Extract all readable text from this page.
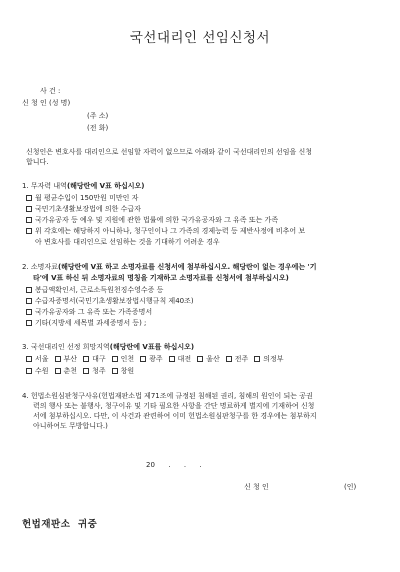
국선대리인 선임신청서
사 건 :
신 청 인 (성 명)
(주 소)
(전 화)
신청인은 변호사를 대리인으로 선임할 자력이 없으므로 아래와 같이 국선대리인의 선임을 신청
합니다.
1. 무자력 내역(해당란에 V표 하십시오)
월 평균수입이 150만원 미만인 자
국민기초생활보장법에 의한 수급자
국가유공자 등 예우 및 지원에 관한 법률에 의한 국가유공자와 그 유족 또는 가족
위 각호에는 해당하지 아니하나, 청구인이나 그 가족의 경제능력 등 제반사정에 비추어 보
아 변호사를 대리인으로 선임하는 것을 기대하기 어려운 경우
2. 소명자료(해당란에 V표 하고 소명자료를 신청서에 첨부하십시오. 해당란이 없는 경우에는 '기
타'에 V표 하신 뒤 소명자료의 명칭을 기재하고 소명자료를 신청서에 첨부하십시오)
봉급액확인서, 근로소득원천징수영수증 등
수급자증명서(국민기초생활보장법시행규칙 제40조)
국가유공자와 그 유족 또는 가족증명서
기타(지방세 세목별 과세증명서 등) ;
3. 국선대리인 선정 희망지역(해당란에 V표를 하십시오)
서울 부산 대구 인천 광주 대전 울산 전주 의정부
수원 춘천 청주 창원
4. 헌법소원심판청구사유(헌법재판소법 제71조에 규정된 침해된 권리, 침해의 원인이 되는 공권
력의 행사 또는 불행사, 청구이유 및 기타 필요한 사항을 간단 명료하게 별지에 기재하여 신청
서에 첨부하십시오. 다만, 이 사건과 관련하여 이미 헌법소원심판청구를 한 경우에는 첨부하지
아니하여도 무방합니다.)
20      .      .      .
신 청 인	(인)
헌법재판소  귀중
